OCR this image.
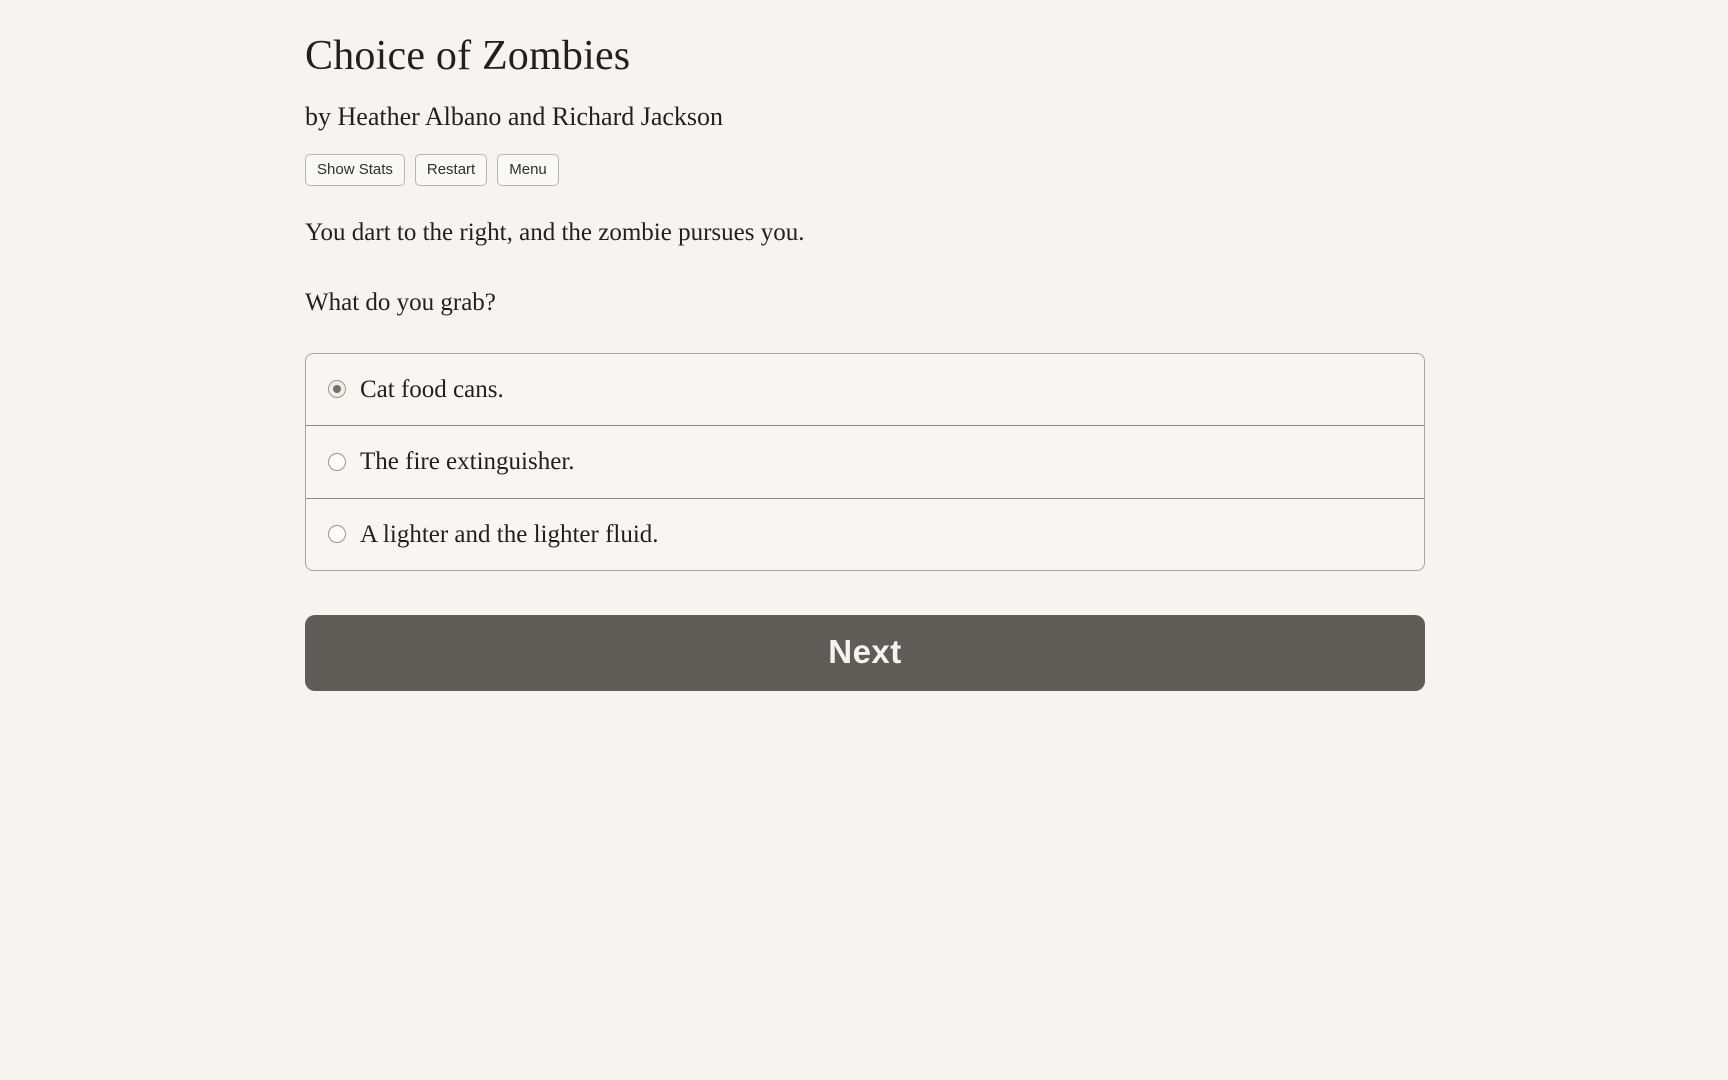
Choice of Zombies

by Heather Albano and Richard Jackson

Show Stats	Restart	Menu

You dart to the right, and the zombie pursues you.

What do you grab?

Cat food cans.
The fire extinguisher.
A lighter and the lighter fluid.
Next
